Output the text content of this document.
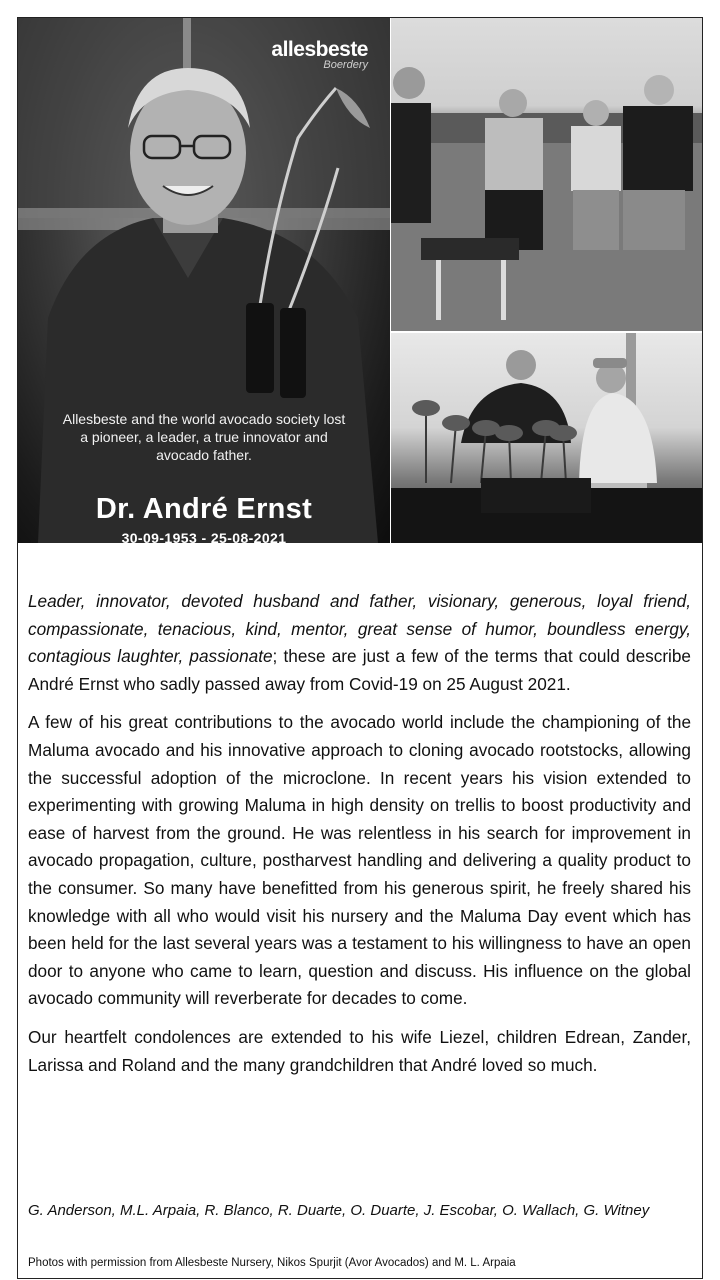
allesbeste
Boerdery
Allesbeste and the world avocado society lost a pioneer, a leader, a true innovator and avocado father.
Dr. André Ernst
30-09-1953 - 25-08-2021

Leader, innovator, devoted husband and father, visionary, generous, loyal friend, compassionate, tenacious, kind, mentor, great sense of humor, boundless energy, contagious laughter, passionate; these are just a few of the terms that could describe André Ernst who sadly passed away from Covid-19 on 25 August 2021.

A few of his great contributions to the avocado world include the championing of the Maluma avocado and his innovative approach to cloning avocado rootstocks, allowing the successful adoption of the microclone. In recent years his vision extended to experimenting with growing Maluma in high density on trellis to boost productivity and ease of harvest from the ground. He was relentless in his search for improvement in avocado propagation, culture, postharvest handling and delivering a quality product to the consumer. So many have benefitted from his generous spirit, he freely shared his knowledge with all who would visit his nursery and the Maluma Day event which has been held for the last several years was a testament to his willingness to have an open door to anyone who came to learn, question and discuss. His influence on the global avocado community will reverberate for decades to come.

Our heartfelt condolences are extended to his wife Liezel, children Edrean, Zander, Larissa and Roland and the many grandchildren that André loved so much.

G. Anderson, M.L. Arpaia, R. Blanco, R. Duarte, O. Duarte, J. Escobar, O. Wallach, G. Witney
Photos with permission from Allesbeste Nursery, Nikos Spurjit (Avor Avocados) and M. L. Arpaia
